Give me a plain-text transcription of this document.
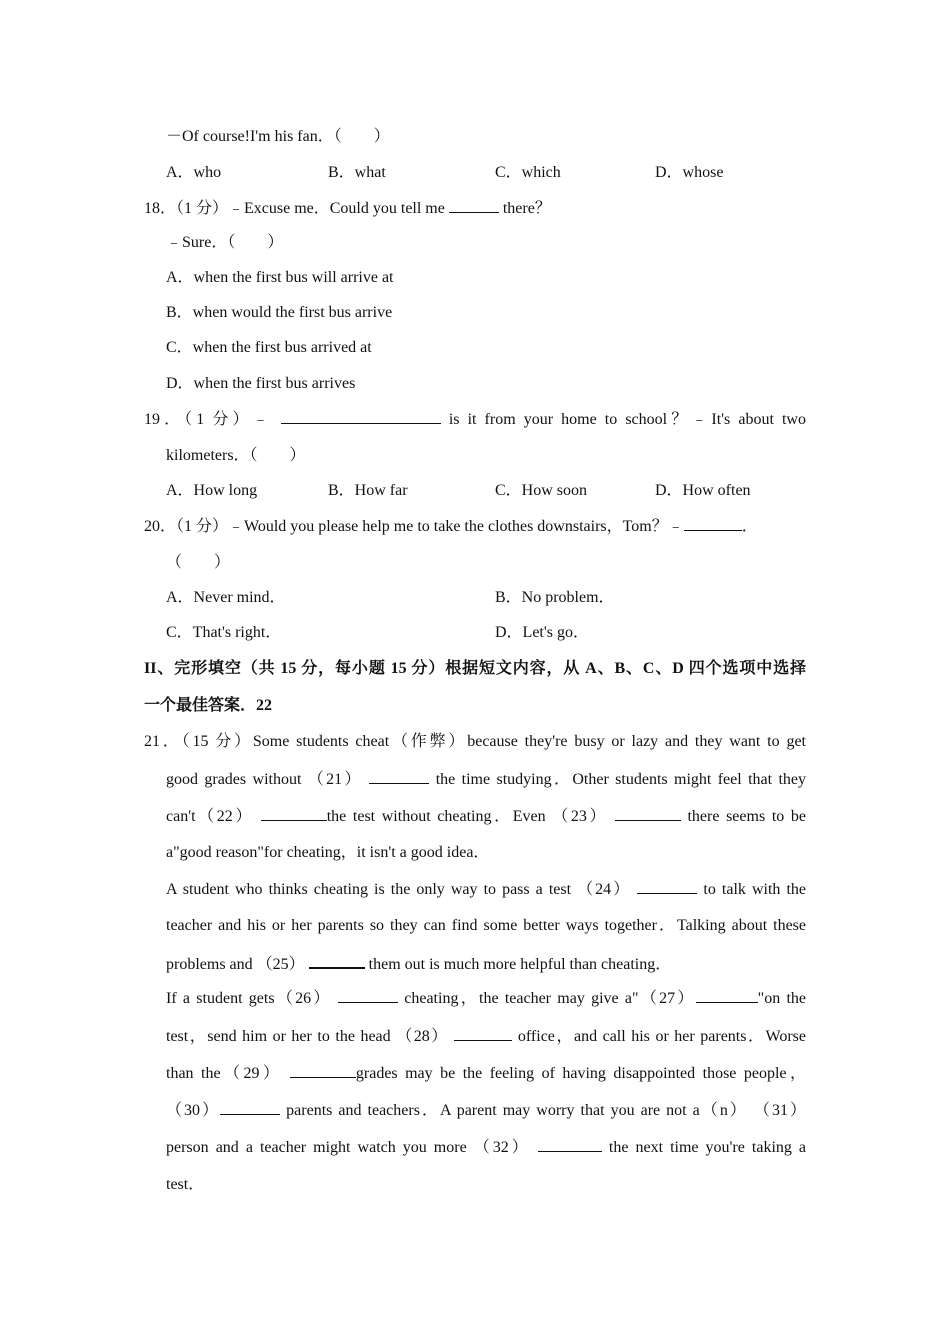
－Of course!I'm his fan．（　　）
A．who	B．what	C．which	D．whose
18．（1 分）﹣Excuse me．Could you tell me	there？
﹣Sure．（　　）
A．when the first bus will arrive at
B．when would the first bus arrive
C．when the first bus arrived at
D．when the first bus arrives
19．（1 分）﹣	is it from your home to school？﹣It's about two
kilometers．（　　）
A．How long	B．How far	C．How soon	D．How often
20．（1 分）﹣Would you please help me to take the clothes downstairs，Tom？﹣	．
（　　）
A．Never mind．	B．No problem．
C．That's right．	D．Let's go．
II、完形填空（共 15 分，每小题 15 分）根据短文内容，从 A、B、C、D 四个选项中选择
一个最佳答案．22
21．（15 分）Some students cheat（作弊）because they're busy or lazy and they want to get
good grades without （21）	the time studying．Other students might feel that they
can't（22）	the test without cheating．Even （23）	there seems to be
a"good reason"for cheating，it isn't a good idea．
A student who thinks cheating is the only way to pass a test （24）	to talk with the
teacher and his or her parents so they can find some better ways together．Talking about these
problems and （25）	them out is much more helpful than cheating．
If a student gets（26）	cheating，the teacher may give a"（27）	"on the
test，send him or her to the head （28）	office，and call his or her parents．Worse
than the（29）	grades may be the feeling of having disappointed those people，
（30）	parents and teachers．A parent may worry that you are not a（n） （31）
person and a teacher might watch you more （32）	the next time you're taking a
test．
